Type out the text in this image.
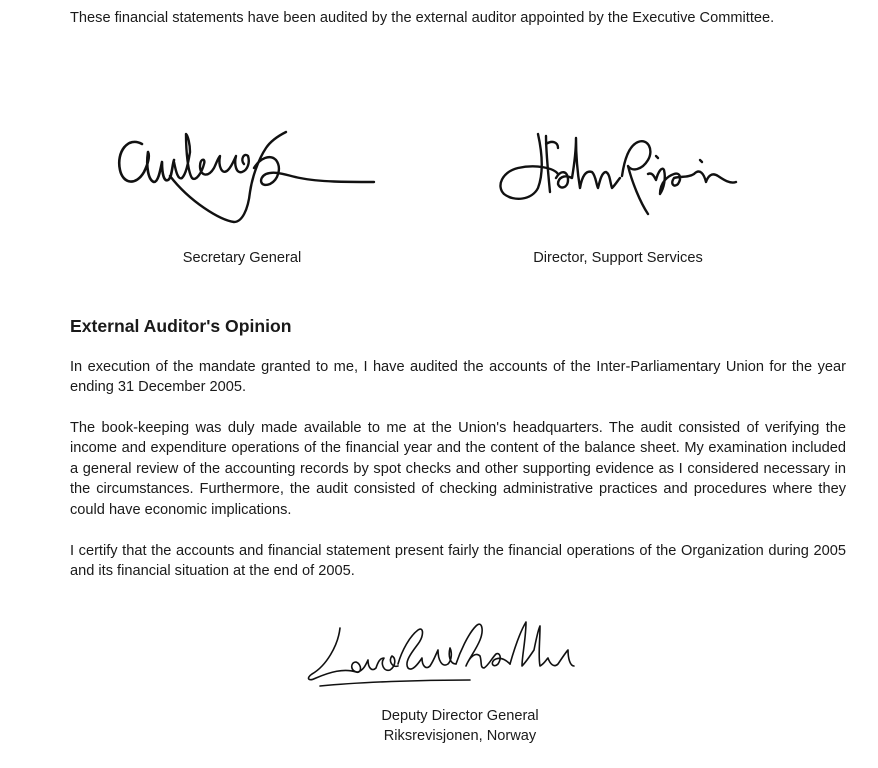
These financial statements have been audited by the external auditor appointed by the Executive Committee.
Secretary General	Director, Support Services
External Auditor's Opinion

In execution of the mandate granted to me, I have audited the accounts of the Inter-Parliamentary Union for the year ending 31 December 2005.

The book-keeping was duly made available to me at the Union's headquarters. The audit consisted of verifying the income and expenditure operations of the financial year and the content of the balance sheet. My examination included a general review of the accounting records by spot checks and other supporting evidence as I considered necessary in the circumstances. Furthermore, the audit consisted of checking administrative practices and procedures where they could have economic implications.

I certify that the accounts and financial statement present fairly the financial operations of the Organization during 2005 and its financial situation at the end of 2005.

Deputy Director General
Riksrevisjonen, Norway
